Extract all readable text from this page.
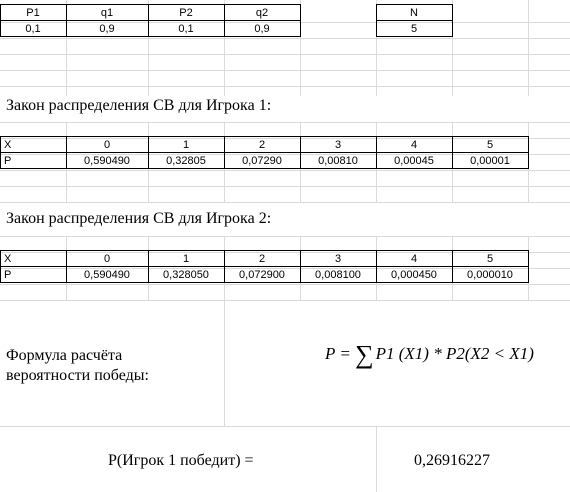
P1	q1	P2	q2
0,1	0,9	0,1	0,9
N
5
Закон распределения СВ для Игрока 1:
X	0	1	2	3	4	5
P	0,590490	0,32805	0,07290	0,00810	0,00045	0,00001
Закон распределения СВ для Игрока 2:
X	0	1	2	3	4	5
P	0,590490	0,328050	0,072900	0,008100	0,000450	0,000010
Формула расчёта
вероятности победы:
P = ∑ P1 (X1) * P2(X2 < X1)
P(Игрок 1 победит) =	0,26916227
